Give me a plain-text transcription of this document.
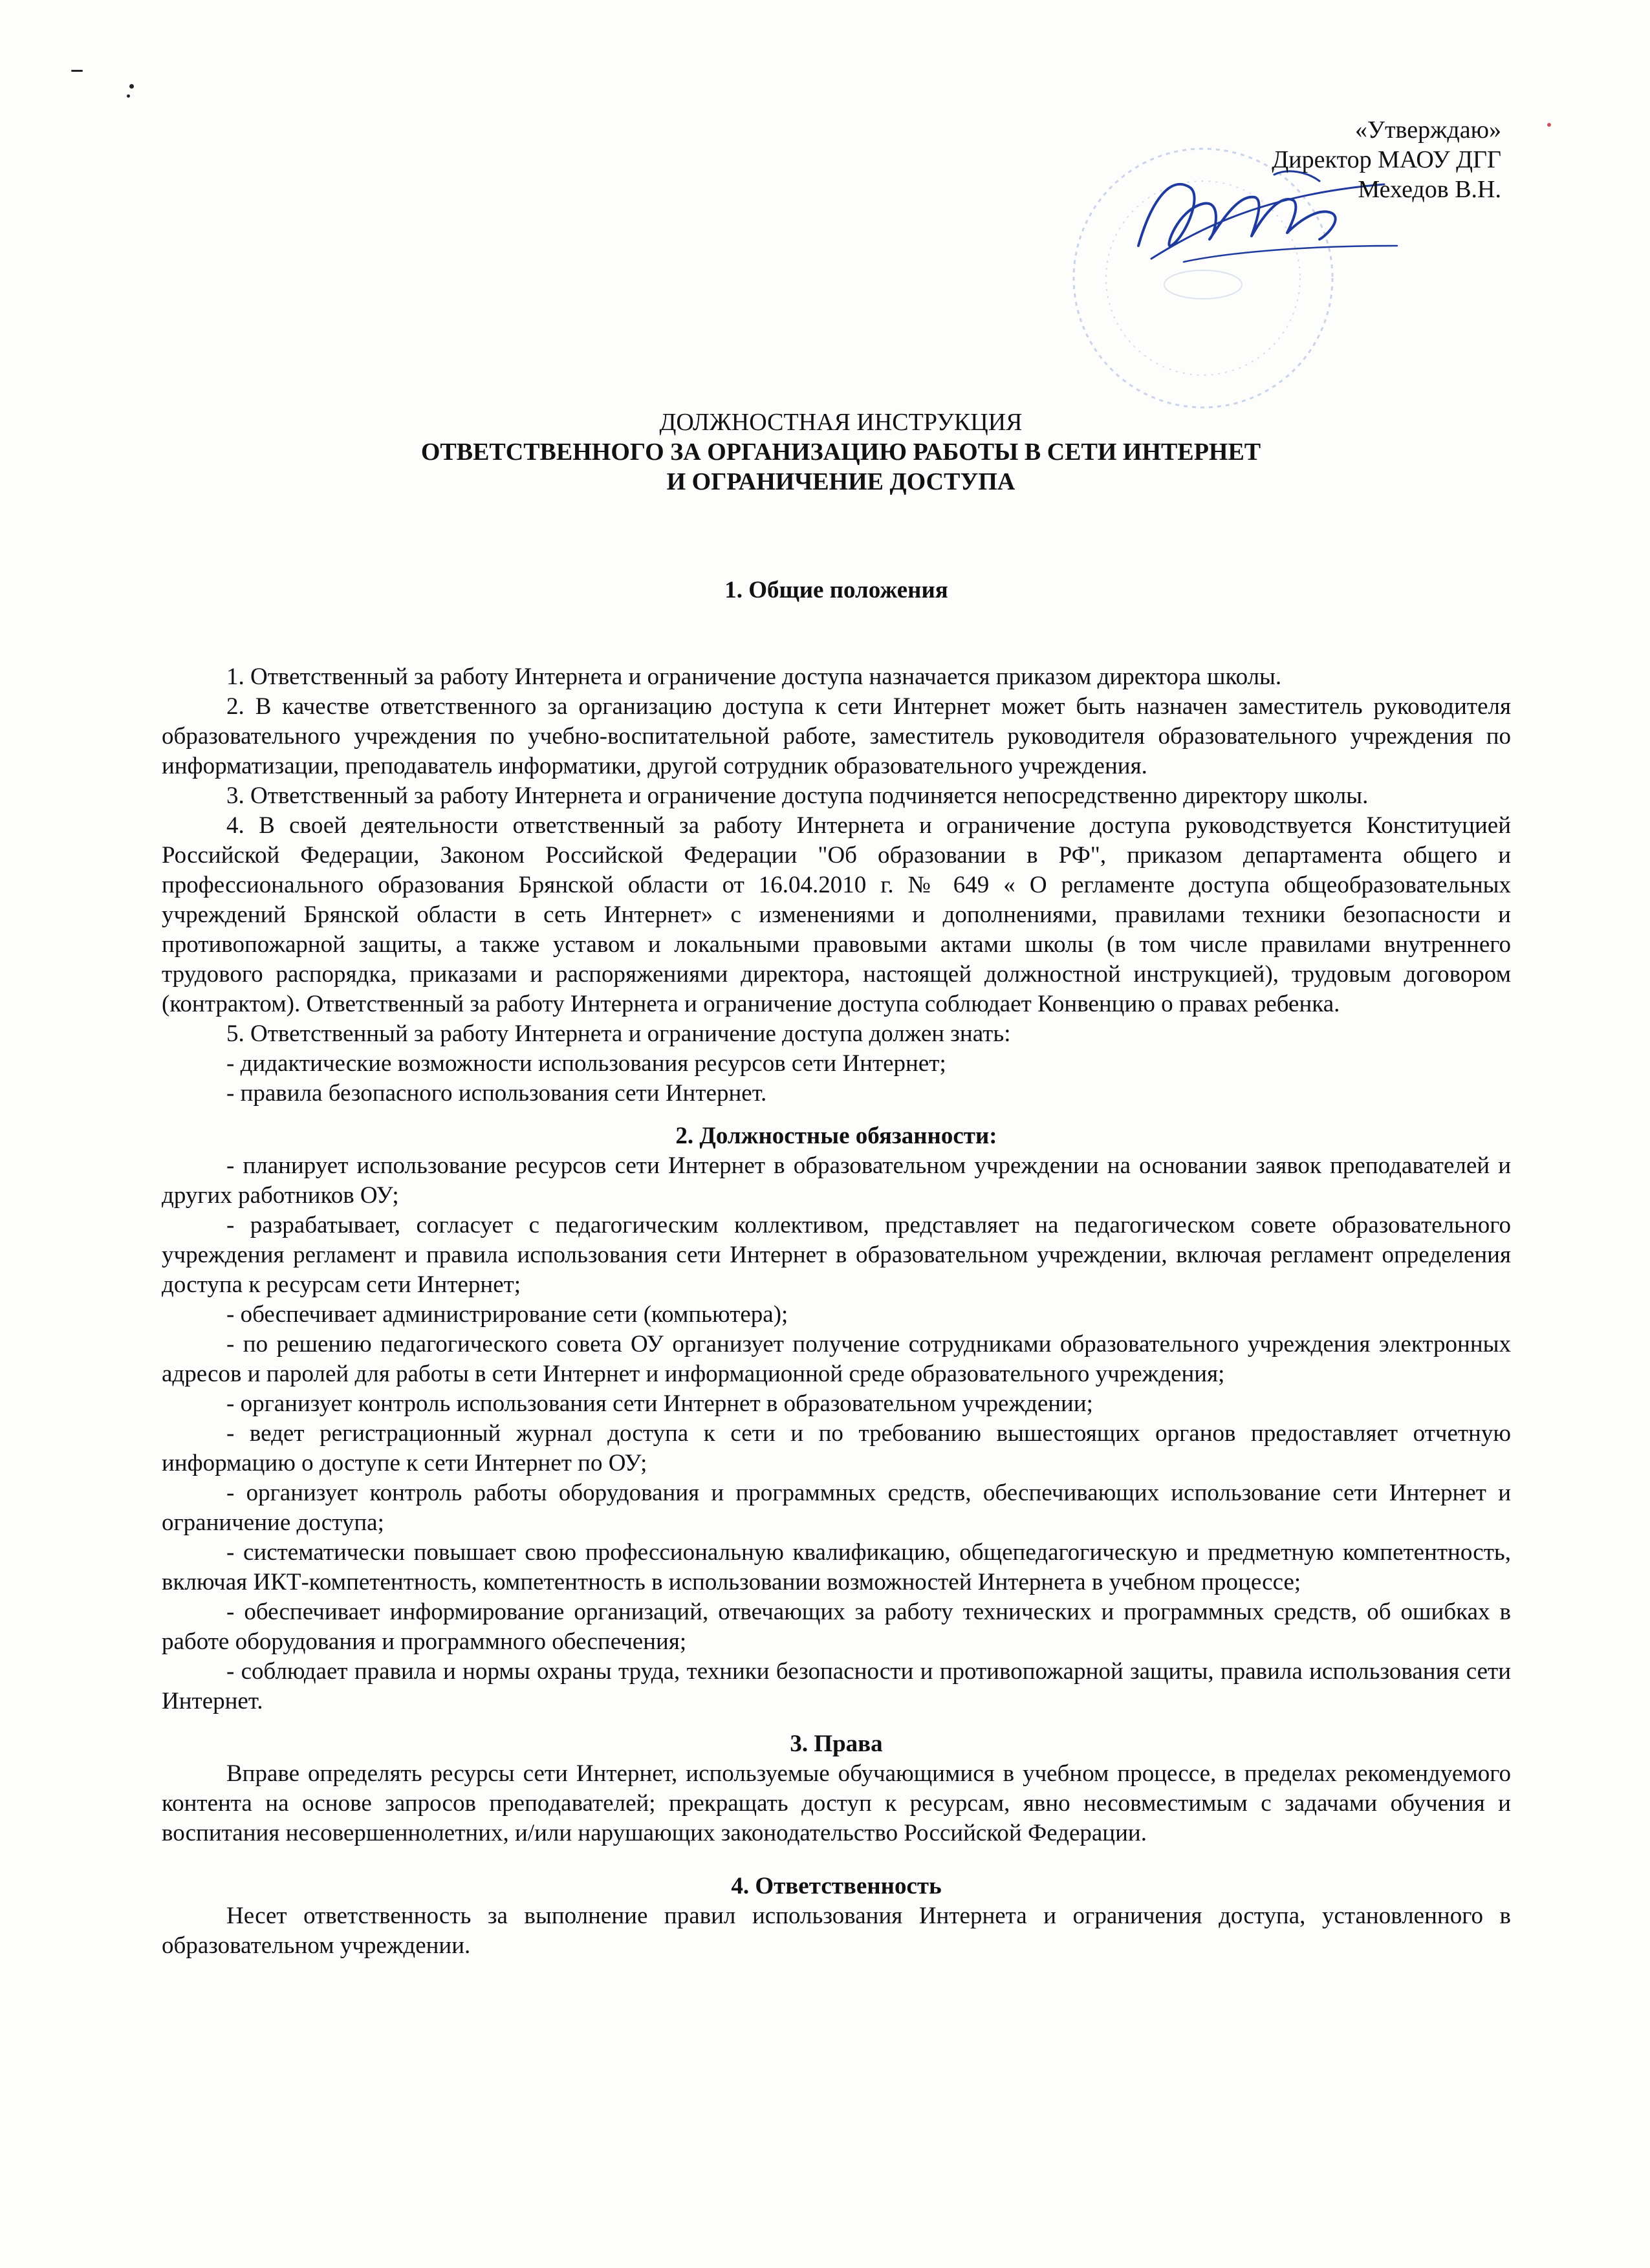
«Утверждаю»
Директор МАОУ ДГГ
Мехедов В.Н.
ДОЛЖНОСТНАЯ ИНСТРУКЦИЯ
ОТВЕТСТВЕННОГО ЗА ОРГАНИЗАЦИЮ РАБОТЫ В СЕТИ ИНТЕРНЕТ
И ОГРАНИЧЕНИЕ ДОСТУПА

1. Общие положения

1. Ответственный за работу Интернета и ограничение доступа назначается приказом директора школы.

2. В качестве ответственного за организацию доступа к сети Интернет может быть назначен заместитель руководителя образовательного учреждения по учебно-воспитательной работе, заместитель руководителя образовательного учреждения по информатизации, преподаватель информатики, другой сотрудник образовательного учреждения.

3. Ответственный за работу Интернета и ограничение доступа подчиняется непосредственно директору школы.

4. В своей деятельности ответственный за работу Интернета и ограничение доступа руководствуется Конституцией Российской Федерации, Законом Российской Федерации "Об образовании в РФ", приказом департамента общего и профессионального образования Брянской области от 16.04.2010 г. № 649 « О регламенте доступа общеобразовательных учреждений Брянской области в сеть Интернет» с изменениями и дополнениями, правилами техники безопасности и противопожарной защиты, а также уставом и локальными правовыми актами школы (в том числе правилами внутреннего трудового распорядка, приказами и распоряжениями директора, настоящей должностной инструкцией), трудовым договором (контрактом). Ответственный за работу Интернета и ограничение доступа соблюдает Конвенцию о правах ребенка.

5. Ответственный за работу Интернета и ограничение доступа должен знать:

- дидактические возможности использования ресурсов сети Интернет;

- правила безопасного использования сети Интернет.

2. Должностные обязанности:

- планирует использование ресурсов сети Интернет в образовательном учреждении на основании заявок преподавателей и других работников ОУ;

- разрабатывает, согласует с педагогическим коллективом, представляет на педагогическом совете образовательного учреждения регламент и правила использования сети Интернет в образовательном учреждении, включая регламент определения доступа к ресурсам сети Интернет;

- обеспечивает администрирование сети (компьютера);

- по решению педагогического совета ОУ организует получение сотрудниками образовательного учреждения электронных адресов и паролей для работы в сети Интернет и информационной среде образовательного учреждения;

- организует контроль использования сети Интернет в образовательном учреждении;

- ведет регистрационный журнал доступа к сети и по требованию вышестоящих органов предоставляет отчетную информацию о доступе к сети Интернет по ОУ;

- организует контроль работы оборудования и программных средств, обеспечивающих использование сети Интернет и ограничение доступа;

- систематически повышает свою профессиональную квалификацию, общепедагогическую и предметную компетентность, включая ИКТ-компетентность, компетентность в использовании возможностей Интернета в учебном процессе;

- обеспечивает информирование организаций, отвечающих за работу технических и программных средств, об ошибках в работе оборудования и программного обеспечения;

- соблюдает правила и нормы охраны труда, техники безопасности и противопожарной защиты, правила использования сети Интернет.

3. Права

Вправе определять ресурсы сети Интернет, используемые обучающимися в учебном процессе, в пределах рекомендуемого контента на основе запросов преподавателей; прекращать доступ к ресурсам, явно несовместимым с задачами обучения и воспитания несовершеннолетних, и/или нарушающих законодательство Российской Федерации.

4. Ответственность

Несет ответственность за выполнение правил использования Интернета и ограничения доступа, установленного в образовательном учреждении.
